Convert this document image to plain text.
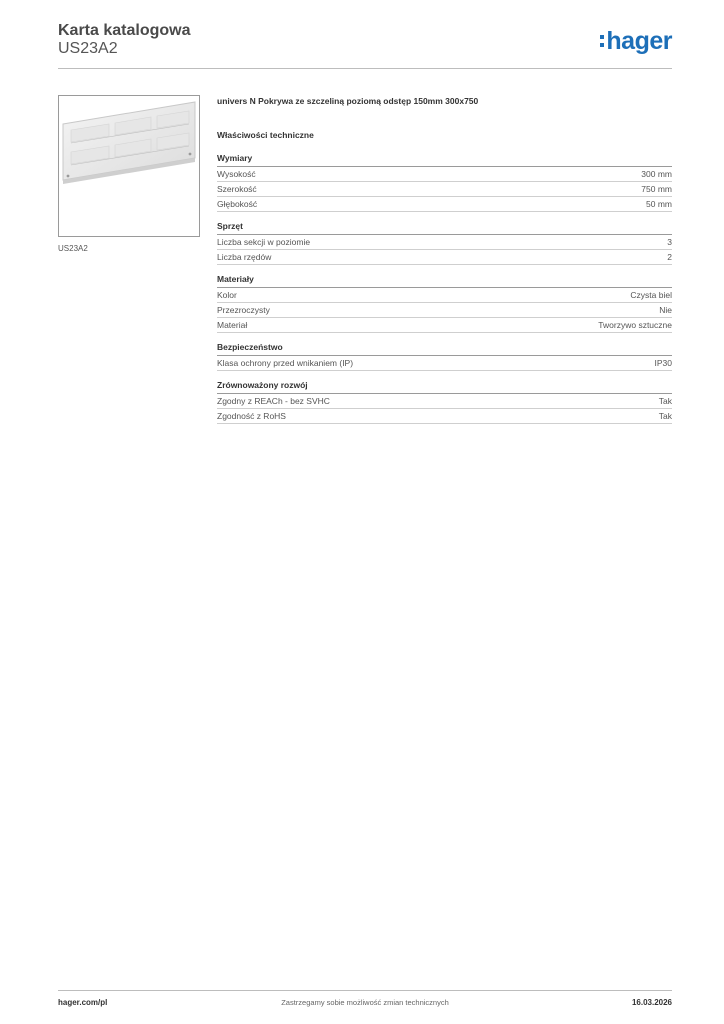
Karta katalogowa
US23A2	hager
US23A2
univers N Pokrywa ze szczeliną poziomą odstęp 150mm 300x750
Właściwości techniczne
Wymiary
Wysokość	300 mm
Szerokość	750 mm
Głębokość	50 mm
Sprzęt
Liczba sekcji w poziomie	3
Liczba rzędów	2
Materiały
Kolor	Czysta biel
Przezroczysty	Nie
Materiał	Tworzywo sztuczne
Bezpieczeństwo
Klasa ochrony przed wnikaniem (IP)	IP30
Zrównoważony rozwój
Zgodny z REACh - bez SVHC	Tak
Zgodność z RoHS	Tak
hager.com/pl	Zastrzegamy sobie możliwość zmian technicznych	16.03.2026
